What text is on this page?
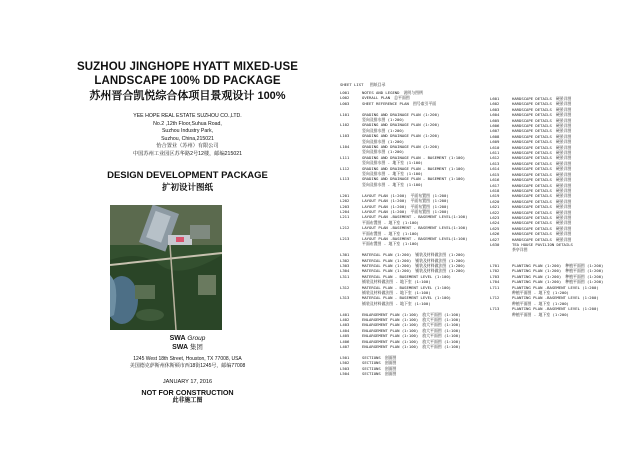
SUZHOU JINGHOPE HYATT MIXED-USE
LANDSCAPE 100% DD PACKAGE
苏州晋合凯悦综合体项目景观设计 100%
YEE HOPE REAL ESTATE SUZHOU CO.,LTD.
No.2 ,12th Floor,Suhua Road,
Suzhou Industry Park,
Suzhou, China,215021
怡合置业（苏州）有限公司
中国苏州工业园区苏华路2号12楼，邮编215021
DESIGN DEVELOPMENT PACKAGE
扩初设计图纸
SWA Group
SWA 集团
1245 West 18th Street, Houston, TX 77008, USA
美国德克萨斯州休斯顿市西18街1245号，邮编77008
JANUARY 17, 2016
NOT FOR CONSTRUCTION
此非施工图
SHEET LIST 图纸目录
L001	NOTES AND LEGEND 说明与图例
L002	OVERALL PLAN 总平面图
L003	SHEET REFERENCE PLAN 图号索引平面
L101	GRADING AND DRAINAGE PLAN (1:200)
竖向及排水图 (1:200)
L102	GRADING AND DRAINAGE PLAN (1:200)
竖向及排水图 (1:200)
L103	GRADING AND DRAINAGE PLAN (1:200)
竖向及排水图 (1:200)
L104	GRADING AND DRAINAGE PLAN (1:200)
竖向及排水图 (1:200)
L111	GRADING AND DRAINAGE PLAN - BASEMENT (1:100)
竖向及排水图 - 地下室 (1:100)
L112	GRADING AND DRAINAGE PLAN - BASEMENT (1:100)
竖向及排水图 - 地下室 (1:100)
L113	GRADING AND DRAINAGE PLAN - BASEMENT (1:100)
竖向及排水图 - 地下室 (1:100)
L201	LAYOUT PLAN (1:200) 平面布置图 (1:200)
L202	LAYOUT PLAN (1:200) 平面布置图 (1:200)
L203	LAYOUT PLAN (1:200) 平面布置图 (1:200)
L204	LAYOUT PLAN (1:200) 平面布置图 (1:200)
L211	LAYOUT PLAN -BASEMENT - BASEMENT LEVEL(1:100)
平面布置图 - 地下室 (1:100)
L212	LAYOUT PLAN -BASEMENT - BASEMENT LEVEL(1:100)
平面布置图 - 地下室 (1:100)
L213	LAYOUT PLAN -BASEMENT - BASEMENT LEVEL(1:100)
平面布置图 - 地下室 (1:100)
L301	MATERIAL PLAN (1:200) 铺装及材料做法图 (1:200)
L302	MATERIAL PLAN (1:200) 铺装及材料做法图 (1:200)
L303	MATERIAL PLAN (1:200) 铺装及材料做法图 (1:200)
L304	MATERIAL PLAN (1:200) 铺装及材料做法图 (1:200)
L311	MATERIAL PLAN - BASEMENT LEVEL (1:100)
铺装及材料做法图 - 地下室 (1:100)
L312	MATERIAL PLAN - BASEMENT LEVEL (1:100)
铺装及材料做法图 - 地下室 (1:100)
L313	MATERIAL PLAN - BASEMENT LEVEL (1:100)
铺装及材料做法图 - 地下室 (1:100)
L401	ENLARGEMENT PLAN (1:100) 放大平面图 (1:100)
L402	ENLARGEMENT PLAN (1:100) 放大平面图 (1:100)
L403	ENLARGEMENT PLAN (1:100) 放大平面图 (1:100)
L404	ENLARGEMENT PLAN (1:100) 放大平面图 (1:100)
L405	ENLARGEMENT PLAN (1:100) 放大平面图 (1:100)
L406	ENLARGEMENT PLAN (1:100) 放大平面图 (1:100)
L407	ENLARGEMENT PLAN (1:100) 放大平面图 (1:100)
L501	SECTIONS 剖面图
L502	SECTIONS 剖面图
L503	SECTIONS 剖面图
L504	SECTIONS 剖面图
L601	HARDSCAPE DETAILS 硬景详图
L602	HARDSCAPE DETAILS 硬景详图
L603	HARDSCAPE DETAILS 硬景详图
L604	HARDSCAPE DETAILS 硬景详图
L605	HARDSCAPE DETAILS 硬景详图
L606	HARDSCAPE DETAILS 硬景详图
L607	HARDSCAPE DETAILS 硬景详图
L608	HARDSCAPE DETAILS 硬景详图
L609	HARDSCAPE DETAILS 硬景详图
L610	HARDSCAPE DETAILS 硬景详图
L611	HARDSCAPE DETAILS 硬景详图
L612	HARDSCAPE DETAILS 硬景详图
L613	HARDSCAPE DETAILS 硬景详图
L614	HARDSCAPE DETAILS 硬景详图
L615	HARDSCAPE DETAILS 硬景详图
L616	HARDSCAPE DETAILS 硬景详图
L617	HARDSCAPE DETAILS 硬景详图
L618	HARDSCAPE DETAILS 硬景详图
L619	HARDSCAPE DETAILS 硬景详图
L620	HARDSCAPE DETAILS 硬景详图
L621	HARDSCAPE DETAILS 硬景详图
L622	HARDSCAPE DETAILS 硬景详图
L623	HARDSCAPE DETAILS 硬景详图
L624	HARDSCAPE DETAILS 硬景详图
L625	HARDSCAPE DETAILS 硬景详图
L626	HARDSCAPE DETAILS 硬景详图
L627	HARDSCAPE DETAILS 硬景详图
L630	TEA HOUSE PAVILION DETAILS
茶亭详图
L701	PLANTING PLAN (1:200) 种植平面图 (1:200)
L702	PLANTING PLAN (1:200) 种植平面图 (1:200)
L703	PLANTING PLAN (1:200) 种植平面图 (1:200)
L704	PLANTING PLAN (1:200) 种植平面图 (1:200)
L711	PLANTING PLAN -BASEMENT LEVEL (1:200)
种植平面图 - 地下室 (1:200)
L712	PLANTING PLAN -BASEMENT LEVEL (1:200)
种植平面图 - 地下室 (1:200)
L713	PLANTING PLAN -BASEMENT LEVEL (1:200)
种植平面图 - 地下室 (1:200)
